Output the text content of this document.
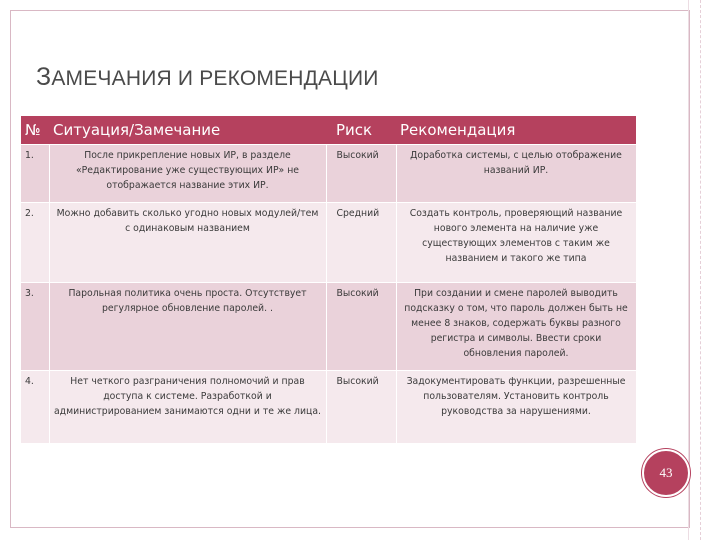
ЗАМЕЧАНИЯ И РЕКОМЕНДАЦИИ
№	Ситуация/Замечание	Риск	Рекомендация
1.	После прикрепление новых ИР, в разделе «Редактирование уже существующих ИР» не отображается название этих ИР.	Высокий	Доработка системы, с целью отображение названий ИР.
2.	Можно добавить сколько угодно новых модулей/тем с одинаковым названием	Средний	Создать контроль, проверяющий название нового элемента на наличие уже существующих элементов с таким же названием и такого же типа
3.	Парольная политика очень проста. Отсутствует регулярное обновление паролей. .	Высокий	При создании и смене паролей выводить подсказку о том, что пароль должен быть не менее 8 знаков, содержать буквы разного регистра и символы. Ввести сроки обновления паролей.
4.	Нет четкого разграничения полномочий и прав доступа к системе. Разработкой и администрированием занимаются одни и те же лица.	Высокий	Задокументировать функции, разрешенные пользователям. Установить контроль руководства за нарушениями.
43
